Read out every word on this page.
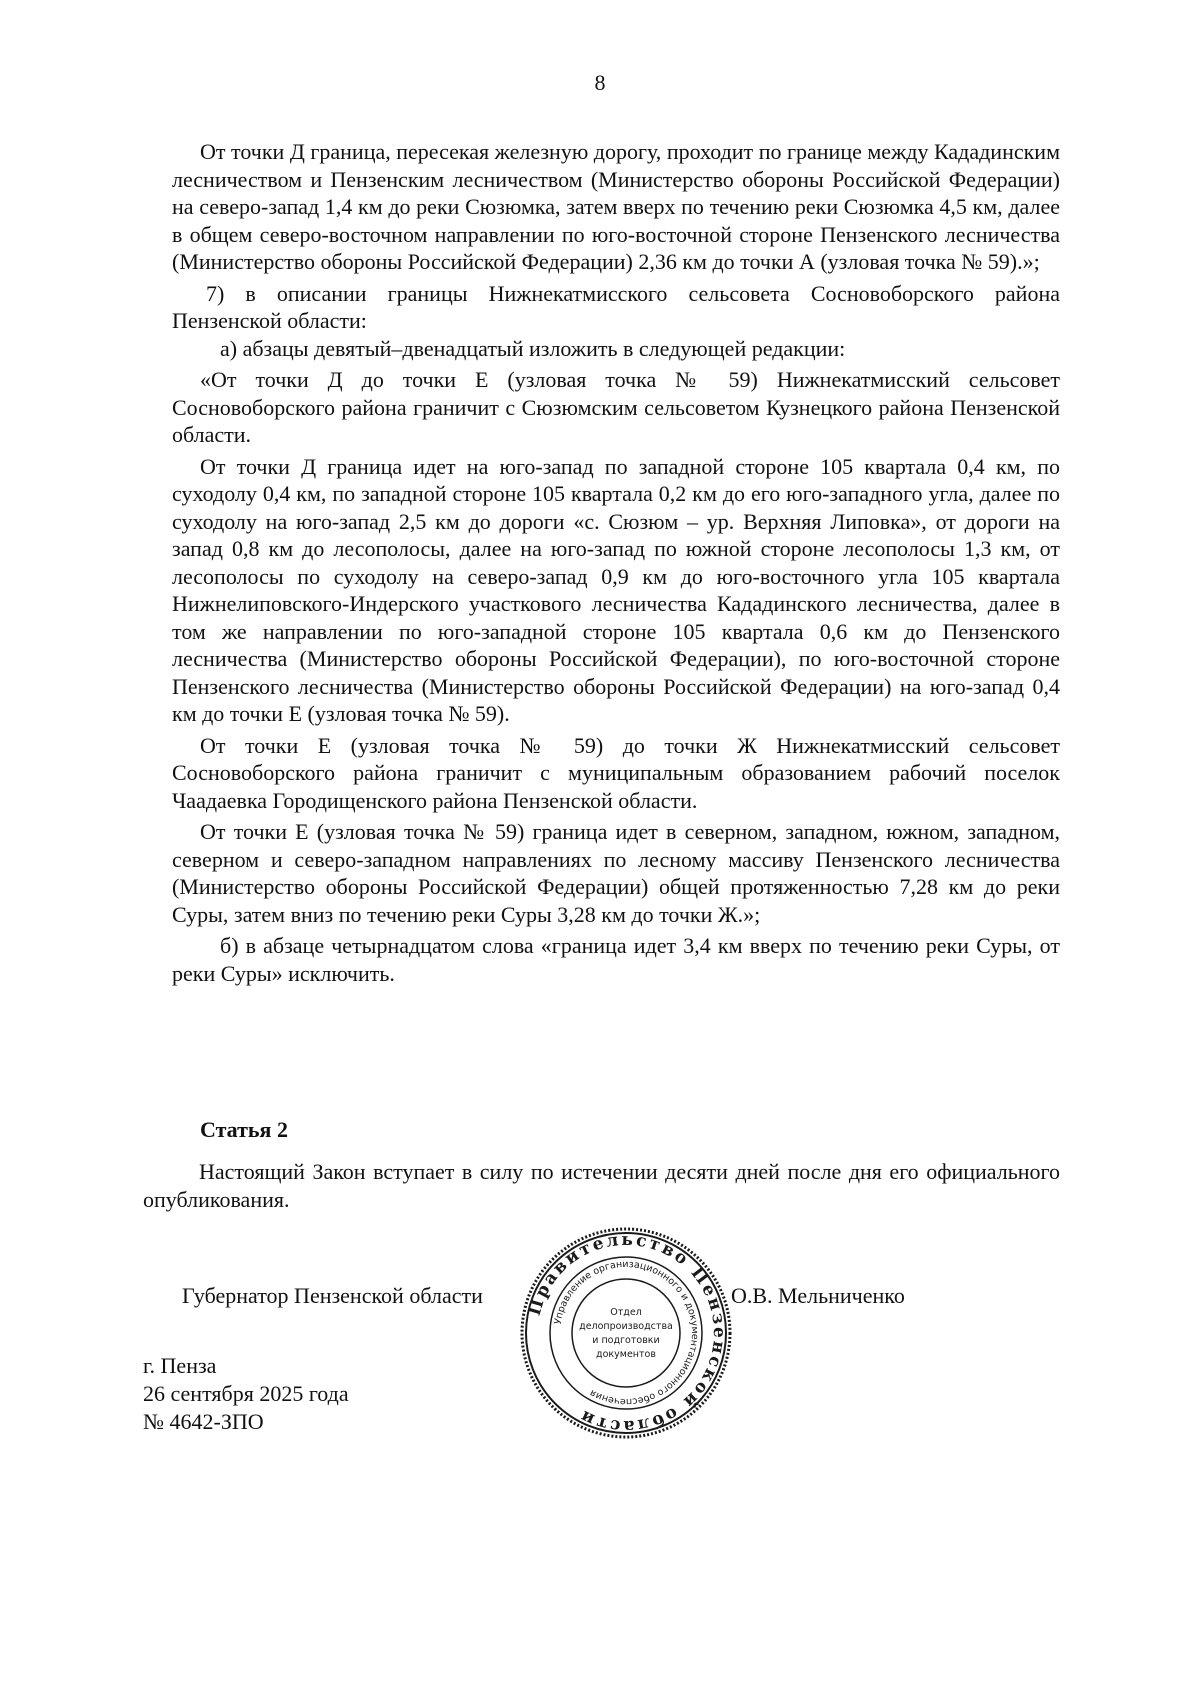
8

От точки Д граница, пересекая железную дорогу, проходит по границе между Кададинским лесничеством и Пензенским лесничеством (Министерство обороны Российской Федерации) на северо-запад 1,4 км до реки Сюзюмка, затем вверх по течению реки Сюзюмка 4,5 км, далее в общем северо-восточном направлении по юго-восточной стороне Пензенского лесничества (Министерство обороны Российской Федерации) 2,36 км до точки А (узловая точка № 59).»;

7) в описании границы Нижнекатмисского сельсовета Сосновоборского района Пензенской области:

а) абзацы девятый–двенадцатый изложить в следующей редакции:

«От точки Д до точки Е (узловая точка № 59) Нижнекатмисский сельсовет Сосновоборского района граничит с Сюзюмским сельсоветом Кузнецкого района Пензенской области.

От точки Д граница идет на юго-запад по западной стороне 105 квартала 0,4 км, по суходолу 0,4 км, по западной стороне 105 квартала 0,2 км до его юго-западного угла, далее по суходолу на юго-запад 2,5 км до дороги «с. Сюзюм – ур. Верхняя Липовка», от дороги на запад 0,8 км до лесополосы, далее на юго-запад по южной стороне лесополосы 1,3 км, от лесополосы по суходолу на северо-запад 0,9 км до юго-восточного угла 105 квартала Нижнелиповского-Индерского участкового лесничества Кададинского лесничества, далее в том же направлении по юго-западной стороне 105 квартала 0,6 км до Пензенского лесничества (Министерство обороны Российской Федерации), по юго-восточной стороне Пензенского лесничества (Министерство обороны Российской Федерации) на юго-запад 0,4 км до точки Е (узловая точка № 59).

От точки Е (узловая точка № 59) до точки Ж Нижнекатмисский сельсовет Сосновоборского района граничит с муниципальным образованием рабочий поселок Чаадаевка Городищенского района Пензенской области.

От точки Е (узловая точка № 59) граница идет в северном, западном, южном, западном, северном и северо-западном направлениях по лесному массиву Пензенского лесничества (Министерство обороны Российской Федерации) общей протяженностью 7,28 км до реки Суры, затем вниз по течению реки Суры 3,28 км до точки Ж.»;

б) в абзаце четырнадцатом слова «граница идет 3,4 км вверх по течению реки Суры, от реки Суры» исключить.

Статья 2

Настоящий Закон вступает в силу по истечении десяти дней после дня его официального опубликования.

Губернатор Пензенской области	О.В. Мельниченко
г. Пенза
26 сентября 2025 года
№ 4642-ЗПО
Правительство Пензенской области
Управление организационного и документационного обеспечения
Отдел
делопроизводства
и подготовки
документов
